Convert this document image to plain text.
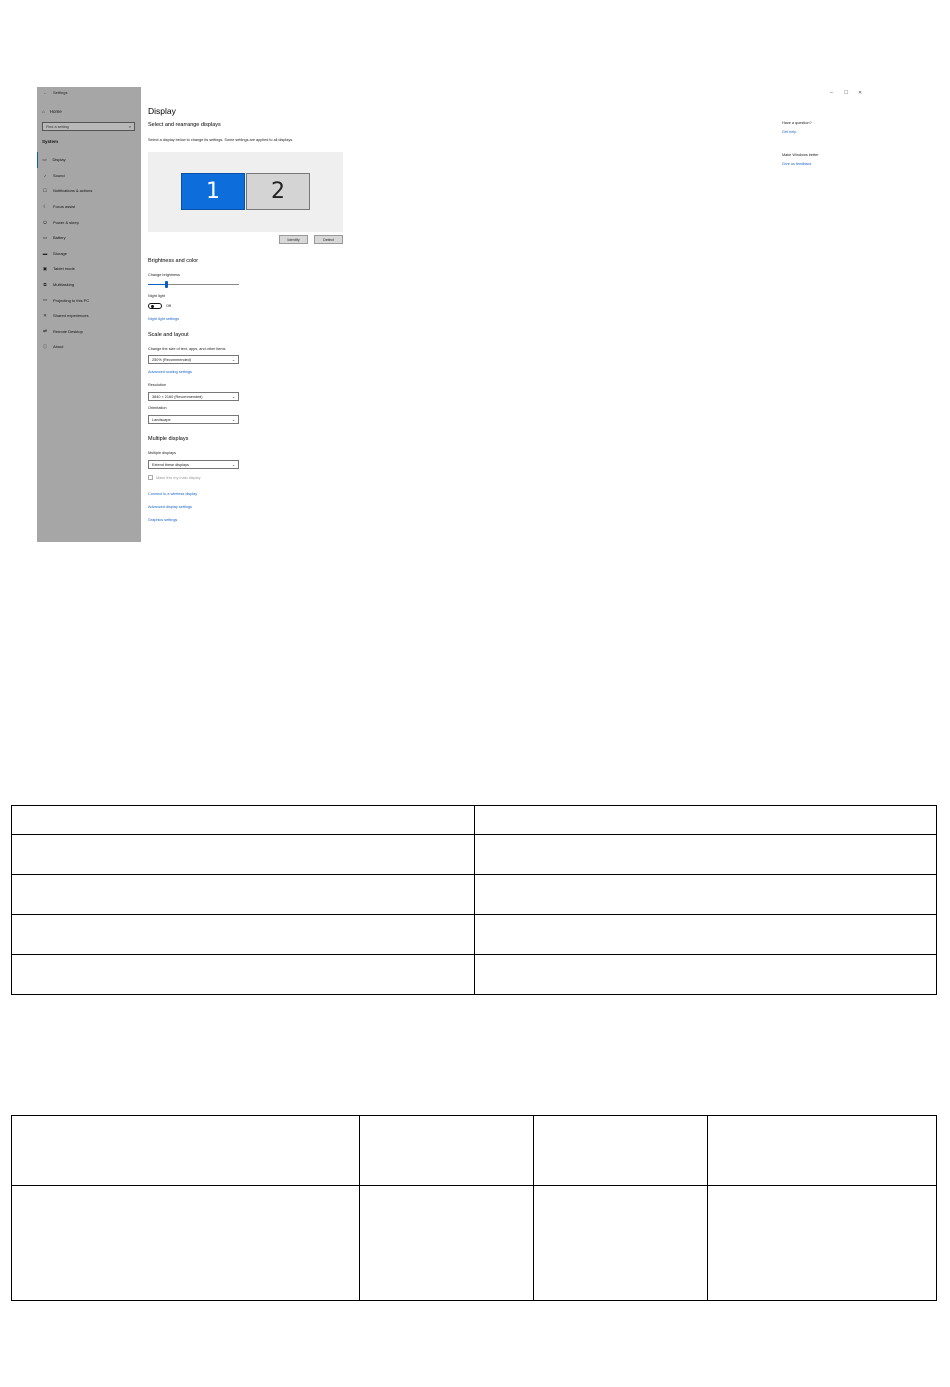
← Settings
⌂ Home
Find a setting	⌕
System
▭ Display
♪	Sound
☐ Notifications & actions
☾ Focus assist
⏻	Power & sleep
▭ Battery
▬ Storage
▣ Tablet mode
⧉	Multitasking
▭ Projecting to this PC
✕ Shared experiences
⇄ Remote Desktop
ⓘ About
Display
Select and rearrange displays
Select a display below to change its settings. Some settings are applied to all displays.
1	2
Identify	Detect
Brightness and color
Change brightness
Night light
Off
Night light settings
Scale and layout
Change the size of text, apps, and other items
250% (Recommended)	⌄
Advanced scaling settings
Resolution
3840 × 2160 (Recommended)	⌄
Orientation
Landscape	⌄
Multiple displays
Multiple displays
Extend these displays	⌄
Make this my main display
Connect to a wireless display
Advanced display settings
Graphics settings
– ☐ ✕
Have a question?
Get help
Make Windows better
Give us feedback
